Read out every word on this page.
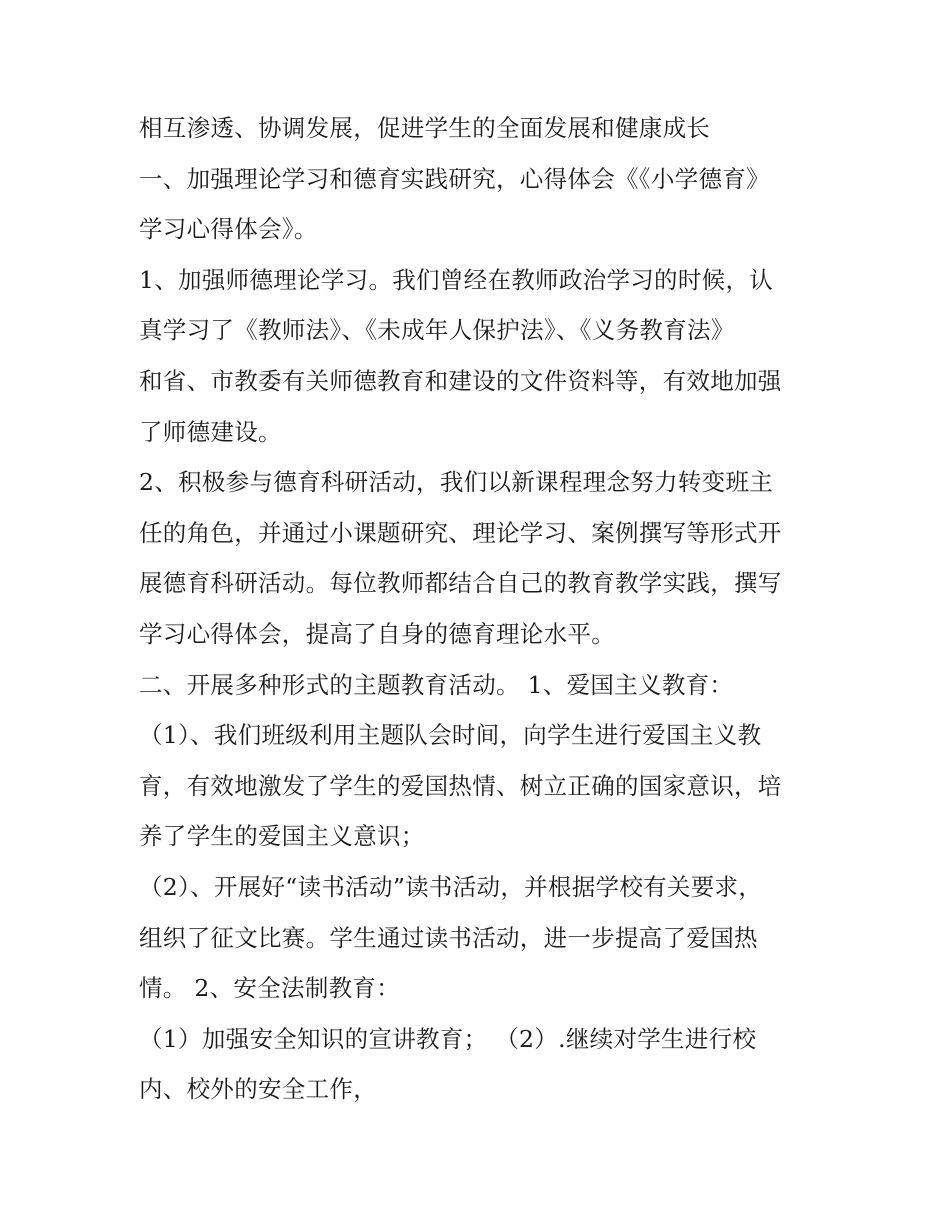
相互渗透、协调发展，促进学生的全面发展和健康成长
一、加强理论学习和德育实践研究，心得体会《《小学德育》
学习心得体会》。
1、加强师德理论学习。我们曾经在教师政治学习的时候，认
真学习了《教师法》、《未成年人保护法》、《义务教育法》
和省、市教委有关师德教育和建设的文件资料等，有效地加强
了师德建设。
2、积极参与德育科研活动，我们以新课程理念努力转变班主
任的角色，并通过小课题研究、理论学习、案例撰写等形式开
展德育科研活动。每位教师都结合自己的教育教学实践，撰写
学习心得体会，提高了自身的德育理论水平。
二、开展多种形式的主题教育活动。 1、爱国主义教育：
（1）、我们班级利用主题队会时间，向学生进行爱国主义教
育，有效地激发了学生的爱国热情、树立正确的国家意识，培
养了学生的爱国主义意识；
（2）、开展好“读书活动”读书活动，并根据学校有关要求，
组织了征文比赛。学生通过读书活动，进一步提高了爱国热
情。 2、安全法制教育：
（1）加强安全知识的宣讲教育； （2）.继续对学生进行校
内、校外的安全工作，
